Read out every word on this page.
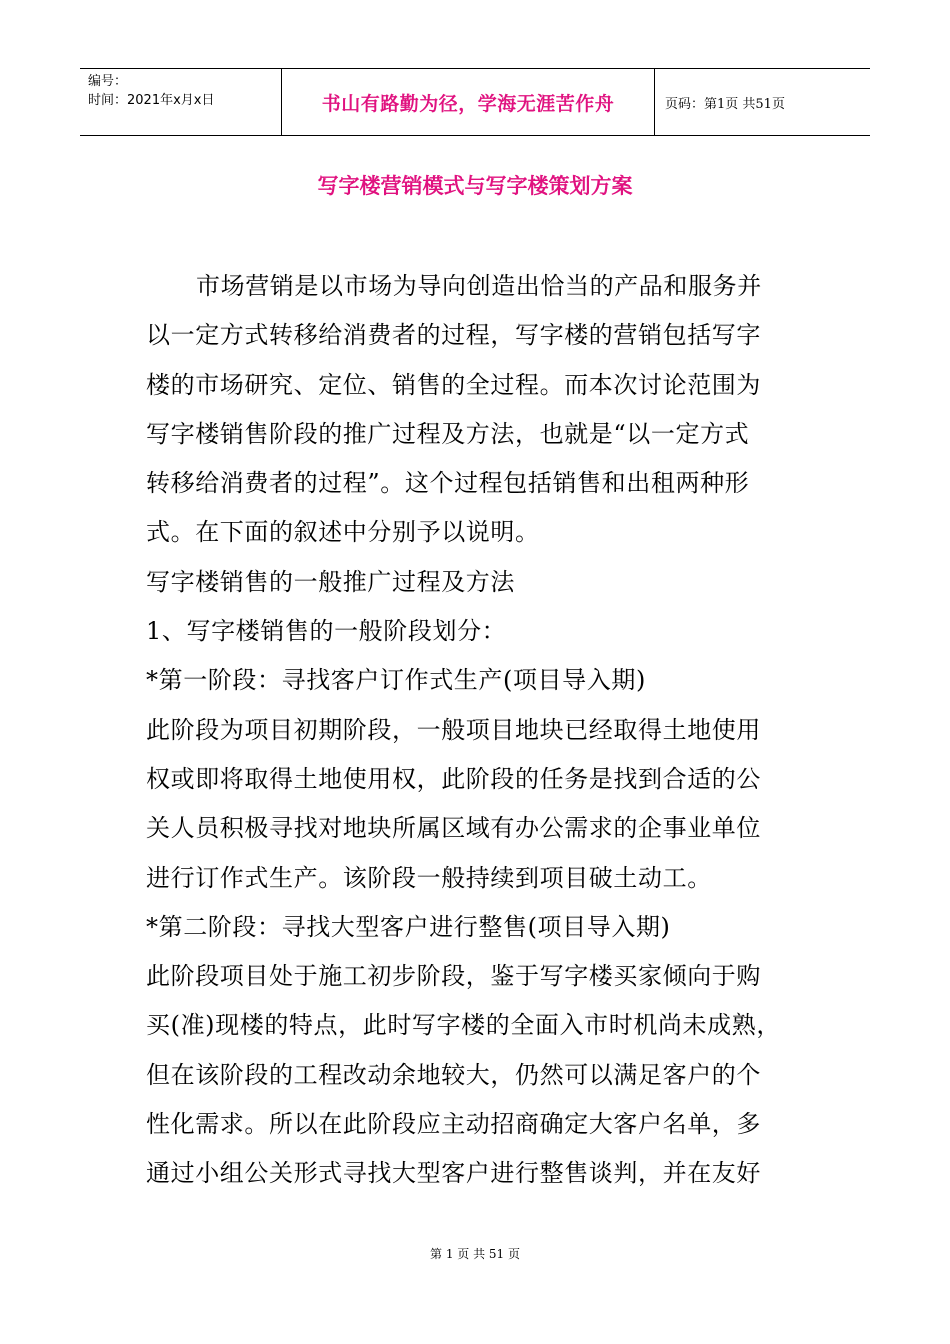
编号：
时间：2021年x月x日	书山有路勤为径，学海无涯苦作舟	页码：第1页 共51页
写字楼营销模式与写字楼策划方案
市场营销是以市场为导向创造出恰当的产品和服务并
以一定方式转移给消费者的过程，写字楼的营销包括写字
楼的市场研究、定位、销售的全过程。而本次讨论范围为
写字楼销售阶段的推广过程及方法，也就是“以一定方式
转移给消费者的过程”。这个过程包括销售和出租两种形
式。在下面的叙述中分别予以说明。
写字楼销售的一般推广过程及方法
1、写字楼销售的一般阶段划分：
*第一阶段：寻找客户订作式生产(项目导入期)
此阶段为项目初期阶段，一般项目地块已经取得土地使用
权或即将取得土地使用权，此阶段的任务是找到合适的公
关人员积极寻找对地块所属区域有办公需求的企事业单位
进行订作式生产。该阶段一般持续到项目破土动工。
*第二阶段：寻找大型客户进行整售(项目导入期)
此阶段项目处于施工初步阶段，鉴于写字楼买家倾向于购
买(准)现楼的特点，此时写字楼的全面入市时机尚未成熟，
但在该阶段的工程改动余地较大，仍然可以满足客户的个
性化需求。所以在此阶段应主动招商确定大客户名单，多
通过小组公关形式寻找大型客户进行整售谈判，并在友好
第 1 页 共 51 页
